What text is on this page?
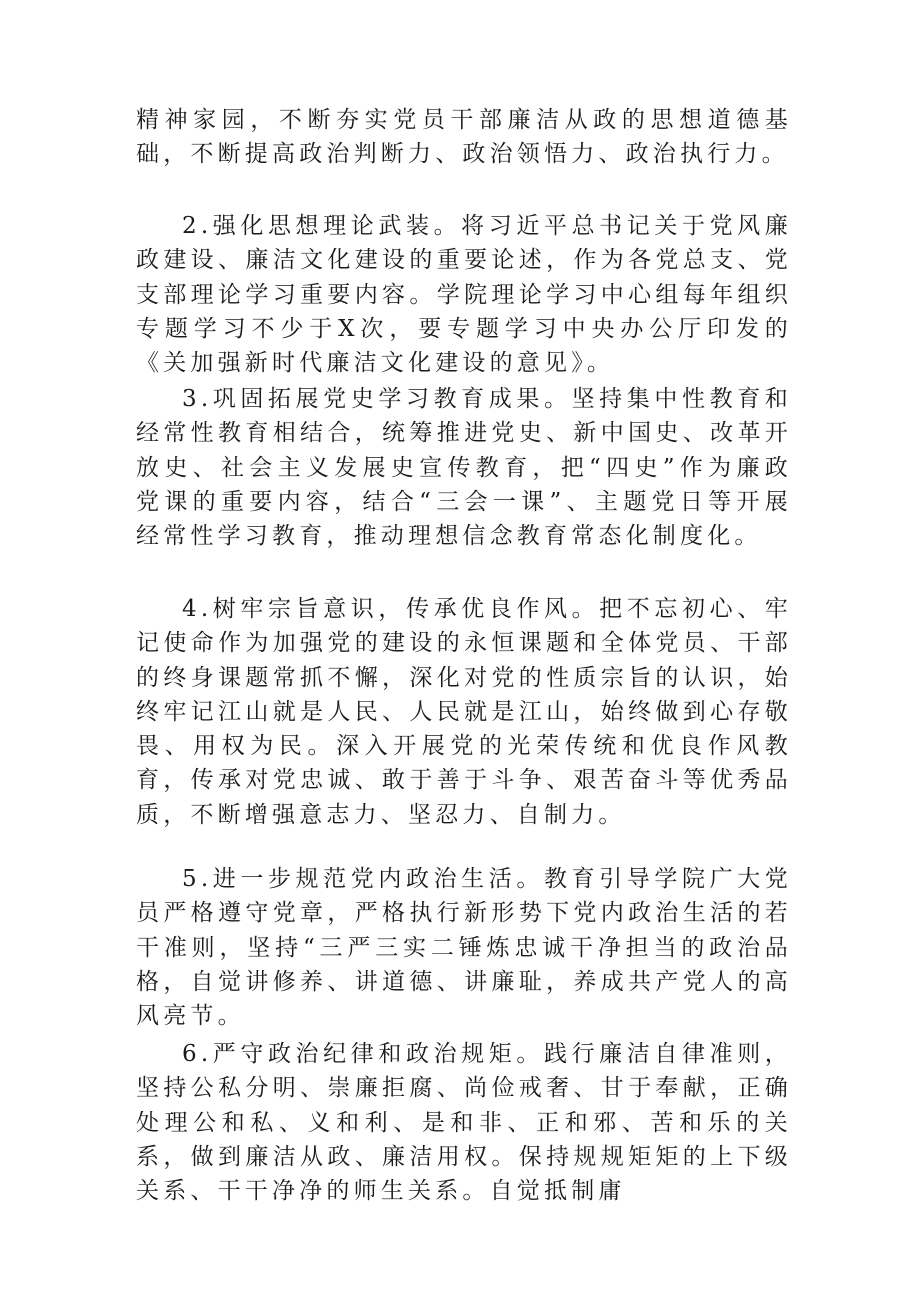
精神家园，不断夯实党员干部廉洁从政的思想道德基础，不断提高政治判断力、政治领悟力、政治执行力。

2.强化思想理论武装。将习近平总书记关于党风廉政建设、廉洁文化建设的重要论述，作为各党总支、党支部理论学习重要内容。学院理论学习中心组每年组织专题学习不少于X次，要专题学习中央办公厅印发的《关加强新时代廉洁文化建设的意见》。

3.巩固拓展党史学习教育成果。坚持集中性教育和经常性教育相结合，统筹推进党史、新中国史、改革开放史、社会主义发展史宣传教育，把“四史”作为廉政党课的重要内容，结合“三会一课”、主题党日等开展经常性学习教育，推动理想信念教育常态化制度化。

4.树牢宗旨意识，传承优良作风。把不忘初心、牢记使命作为加强党的建设的永恒课题和全体党员、干部的终身课题常抓不懈，深化对党的性质宗旨的认识，始终牢记江山就是人民、人民就是江山，始终做到心存敬畏、用权为民。深入开展党的光荣传统和优良作风教育，传承对党忠诚、敢于善于斗争、艰苦奋斗等优秀品质，不断增强意志力、坚忍力、自制力。

5.进一步规范党内政治生活。教育引导学院广大党员严格遵守党章，严格执行新形势下党内政治生活的若干准则，坚持“三严三实二锤炼忠诚干净担当的政治品格，自觉讲修养、讲道德、讲廉耻，养成共产党人的高风亮节。

6.严守政治纪律和政治规矩。践行廉洁自律准则，坚持公私分明、崇廉拒腐、尚俭戒奢、甘于奉献，正确处理公和私、义和利、是和非、正和邪、苦和乐的关系，做到廉洁从政、廉洁用权。保持规规矩矩的上下级关系、干干净净的师生关系。自觉抵制庸
